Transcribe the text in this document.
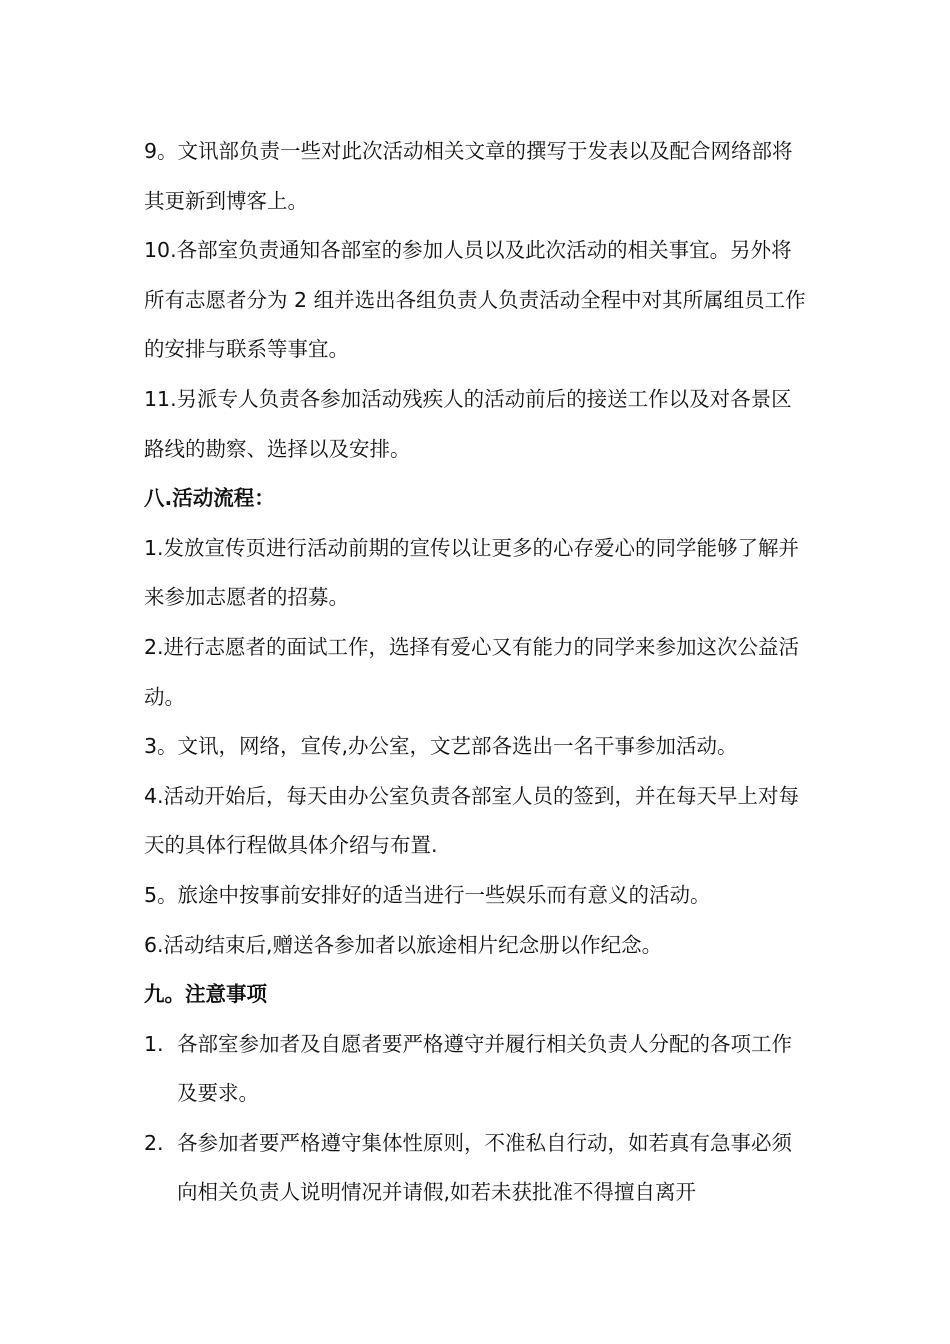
9。文讯部负责一些对此次活动相关文章的撰写于发表以及配合网络部将其更新到博客上。

10.各部室负责通知各部室的参加人员以及此次活动的相关事宜。另外将所有志愿者分为 2 组并选出各组负责人负责活动全程中对其所属组员工作的安排与联系等事宜。

11.另派专人负责各参加活动残疾人的活动前后的接送工作以及对各景区路线的勘察、选择以及安排。

八.活动流程：

1.发放宣传页进行活动前期的宣传以让更多的心存爱心的同学能够了解并来参加志愿者的招募。

2.进行志愿者的面试工作，选择有爱心又有能力的同学来参加这次公益活动。

3。文讯，网络，宣传,办公室，文艺部各选出一名干事参加活动。

4.活动开始后，每天由办公室负责各部室人员的签到，并在每天早上对每天的具体行程做具体介绍与布置.

5。旅途中按事前安排好的适当进行一些娱乐而有意义的活动。

6.活动结束后,赠送各参加者以旅途相片纪念册以作纪念。

九。注意事项

1. 各部室参加者及自愿者要严格遵守并履行相关负责人分配的各项工作及要求。
2. 各参加者要严格遵守集体性原则，不准私自行动，如若真有急事必须向相关负责人说明情况并请假,如若未获批准不得擅自离开
